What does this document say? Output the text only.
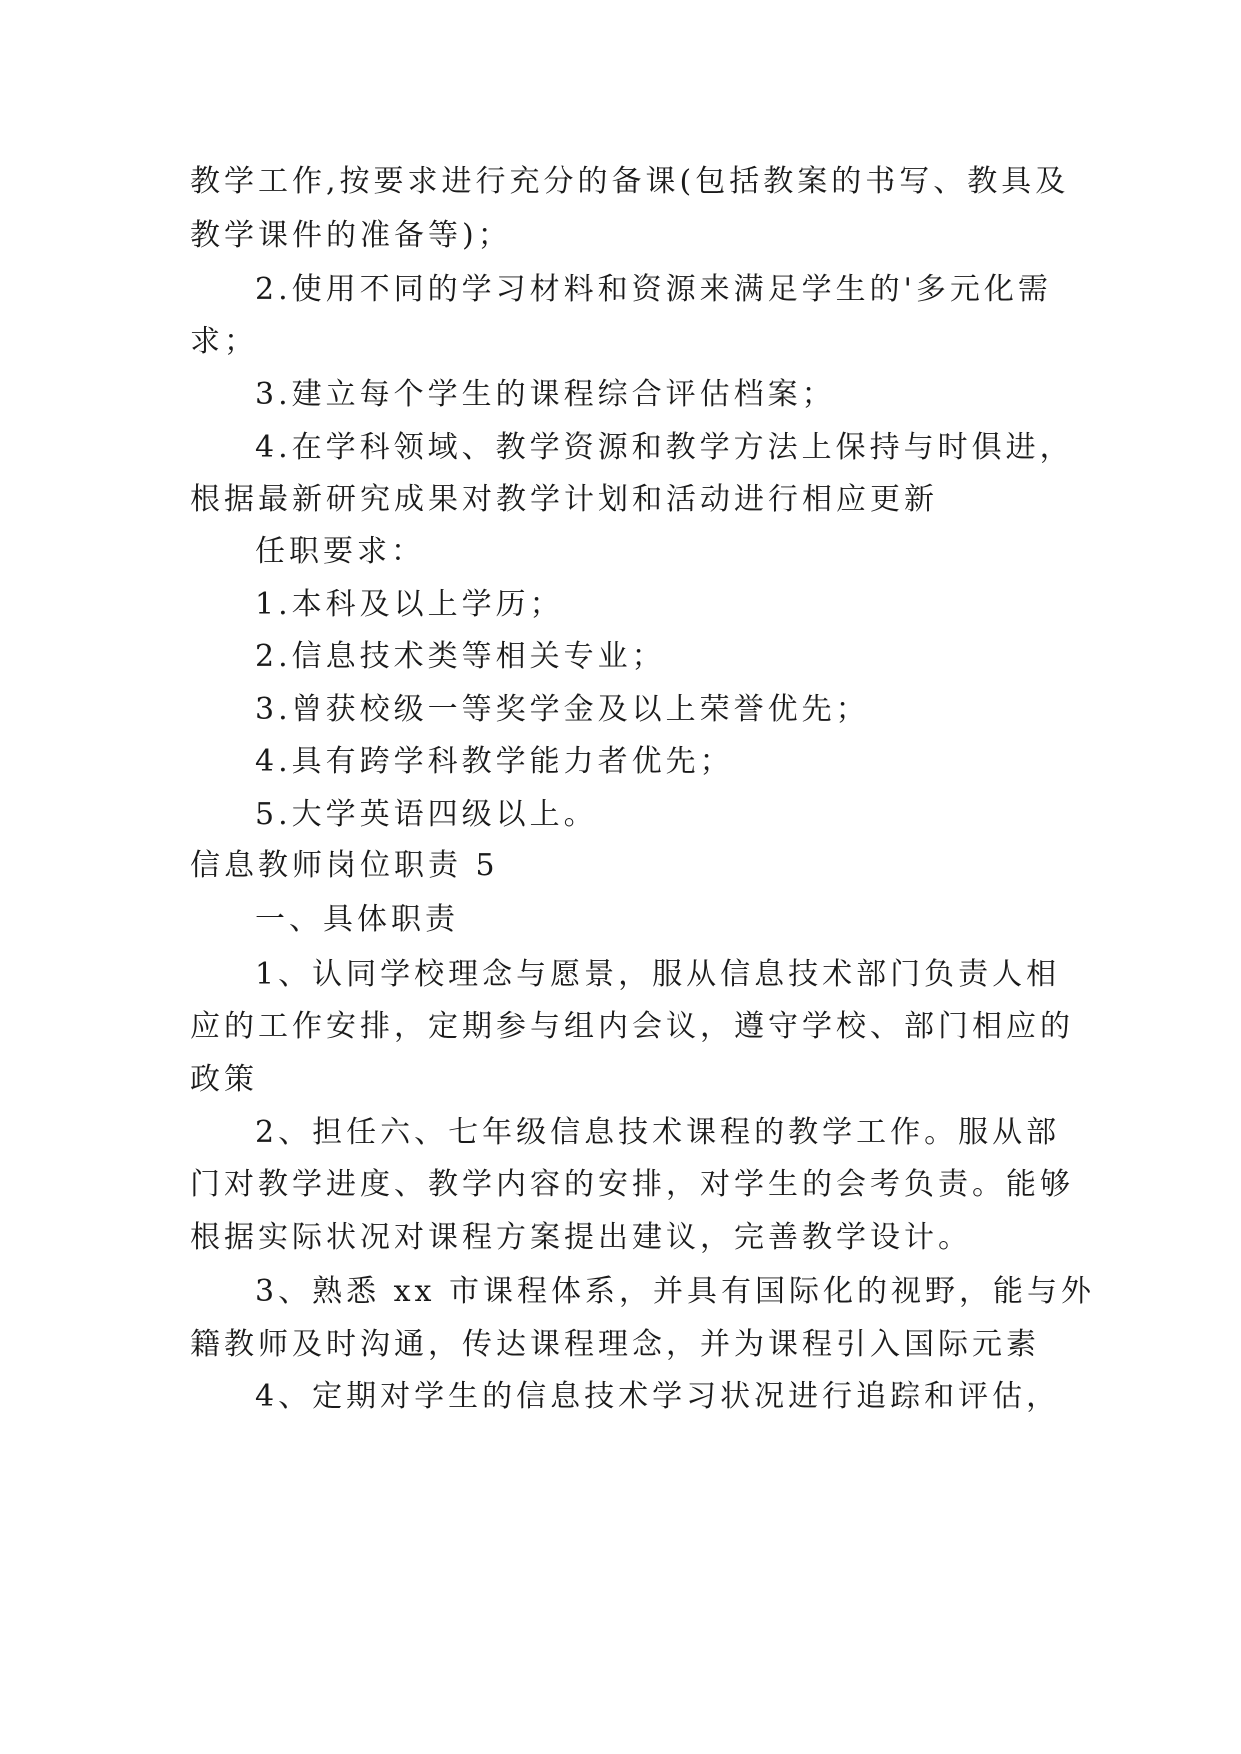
教学工作,按要求进行充分的备课(包括教案的书写、教具及
教学课件的准备等)；
2.使用不同的学习材料和资源来满足学生的'多元化需
求；
3.建立每个学生的课程综合评估档案；
4.在学科领域、教学资源和教学方法上保持与时俱进，
根据最新研究成果对教学计划和活动进行相应更新
任职要求：
1.本科及以上学历；
2.信息技术类等相关专业；
3.曾获校级一等奖学金及以上荣誉优先；
4.具有跨学科教学能力者优先；
5.大学英语四级以上。
信息教师岗位职责 5
一、具体职责
1、认同学校理念与愿景，服从信息技术部门负责人相
应的工作安排，定期参与组内会议，遵守学校、部门相应的
政策
2、担任六、七年级信息技术课程的教学工作。服从部
门对教学进度、教学内容的安排，对学生的会考负责。能够
根据实际状况对课程方案提出建议，完善教学设计。
3、熟悉 xx 市课程体系，并具有国际化的视野，能与外
籍教师及时沟通，传达课程理念，并为课程引入国际元素
4、定期对学生的信息技术学习状况进行追踪和评估，
